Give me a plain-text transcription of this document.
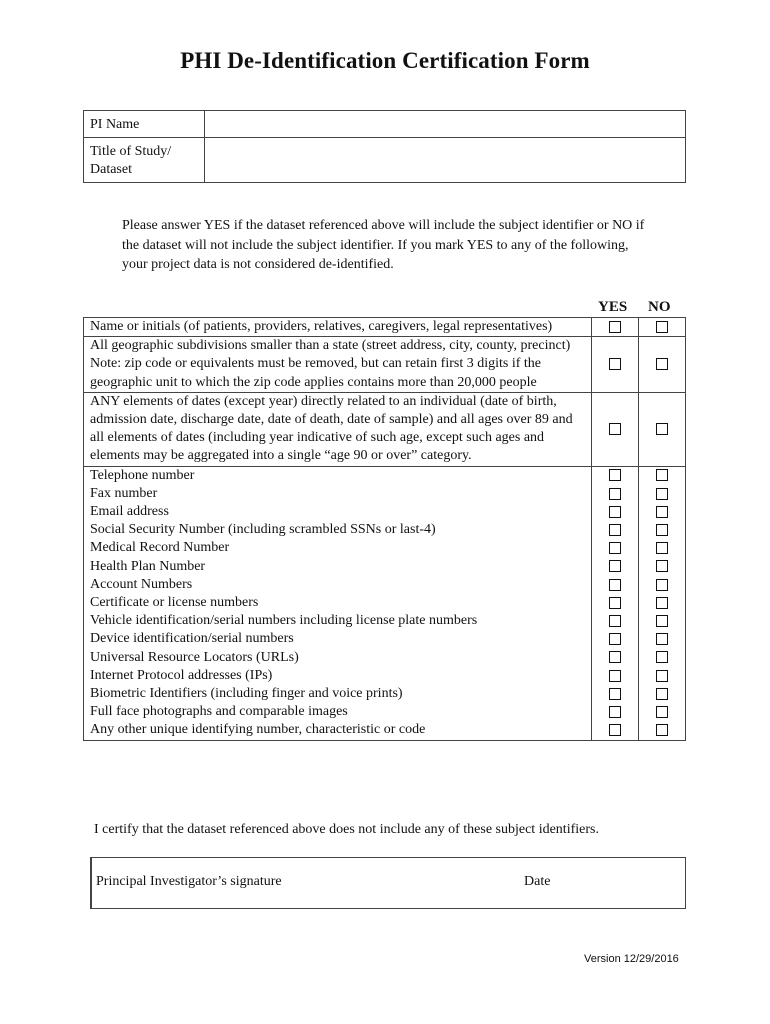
PHI De-Identification Certification Form
PI Name	
Title of Study/ Dataset	
Please answer YES if the dataset referenced above will include the subject identifier or NO if the dataset will not include the subject identifier. If you mark YES to any of the following, your project data is not considered de-identified.
YES NO
Name or initials (of patients, providers, relatives, caregivers, legal representatives)		
All geographic subdivisions smaller than a state (street address, city, county, precinct) Note: zip code or equivalents must be removed, but can retain first 3 digits if the geographic unit to which the zip code applies contains more than 20,000 people		
ANY elements of dates (except year) directly related to an individual (date of birth, admission date, discharge date, date of death, date of sample) and all ages over 89 and all elements of dates (including year indicative of such age, except such ages and elements may be aggregated into a single “age 90 or over” category.		
Telephone number		
Fax number		
Email address		
Social Security Number (including scrambled SSNs or last-4)		
Medical Record Number		
Health Plan Number		
Account Numbers		
Certificate or license numbers		
Vehicle identification/serial numbers including license plate numbers		
Device identification/serial numbers		
Universal Resource Locators (URLs)		
Internet Protocol addresses (IPs)		
Biometric Identifiers (including finger and voice prints)		
Full face photographs and comparable images		
Any other unique identifying number, characteristic or code		
I certify that the dataset referenced above does not include any of these subject identifiers.
Principal Investigator’s signature	Date
Version 12/29/2016
